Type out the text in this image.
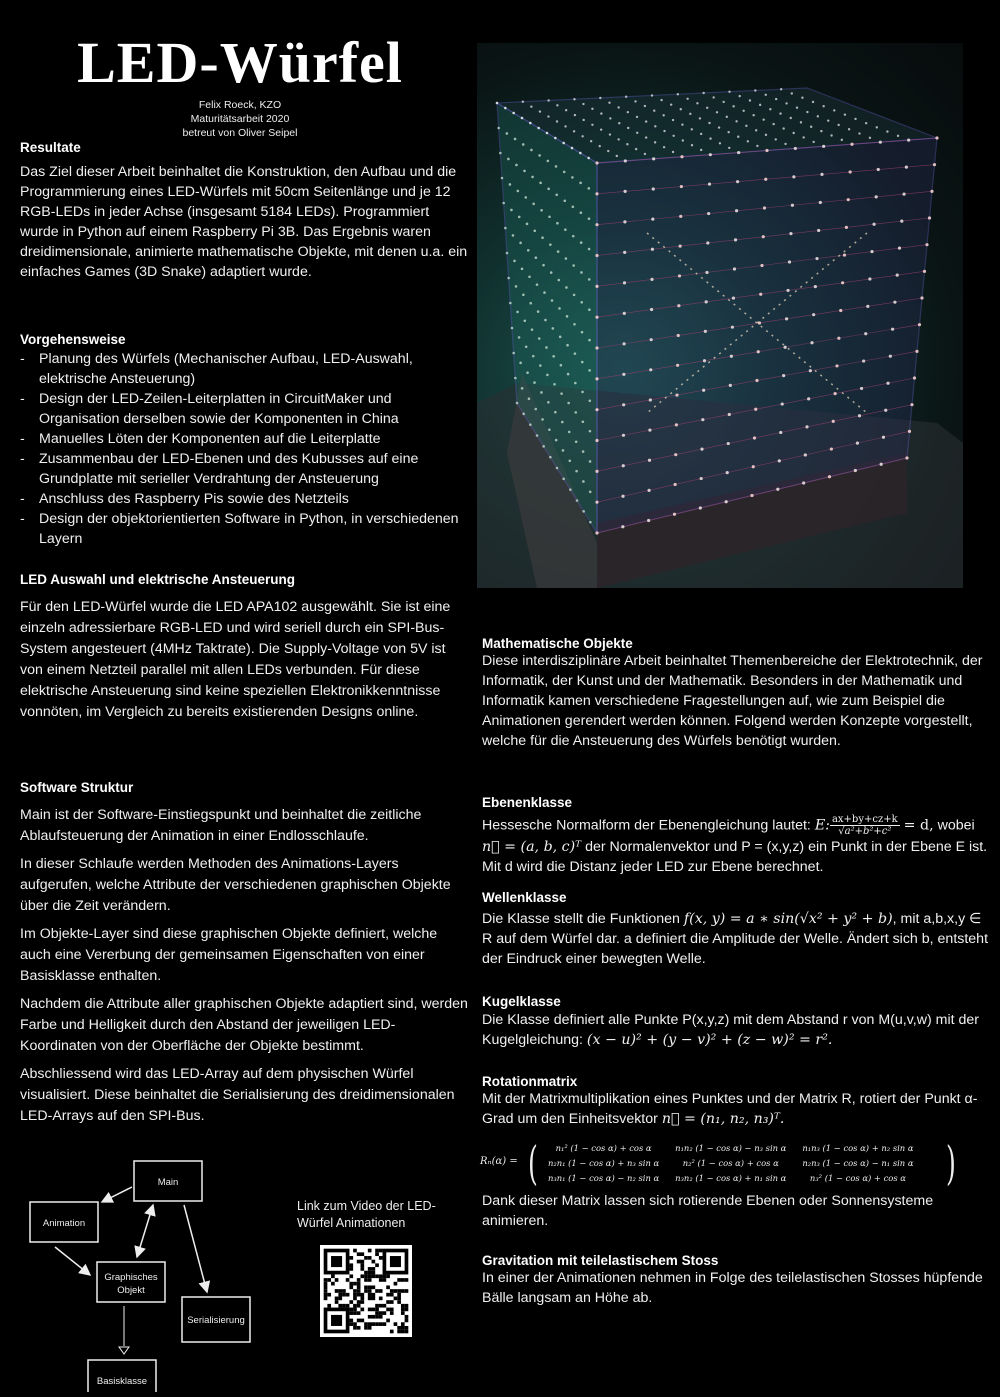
LED-Würfel
Felix Roeck, KZO
Maturitätsarbeit 2020
betreut von Oliver Seipel
Resultate
Das Ziel dieser Arbeit beinhaltet die Konstruktion, den Aufbau und die Programmierung eines LED-Würfels mit 50cm Seitenlänge und je 12 RGB-LEDs in jeder Achse (insgesamt 5184 LEDs). Programmiert wurde in Python auf einem Raspberry Pi 3B. Das Ergebnis waren dreidimensionale, animierte mathematische Objekte, mit denen u.a. ein einfaches Games (3D Snake) adaptiert wurde.
Vorgehensweise
- Planung des Würfels (Mechanischer Aufbau, LED-Auswahl, elektrische Ansteuerung)
- Design der LED-Zeilen-Leiterplatten in CircuitMaker und Organisation derselben sowie der Komponenten in China
- Manuelles Löten der Komponenten auf die Leiterplatte
- Zusammenbau der LED-Ebenen und des Kubusses auf eine Grundplatte mit serieller Verdrahtung der Ansteuerung
- Anschluss des Raspberry Pis sowie des Netzteils
- Design der objektorientierten Software in Python, in verschiedenen Layern
LED Auswahl und elektrische Ansteuerung
Für den LED-Würfel wurde die LED APA102 ausgewählt. Sie ist eine einzeln adressierbare RGB-LED und wird seriell durch ein SPI-Bus-System angesteuert (4MHz Taktrate). Die Supply-Voltage von 5V ist von einem Netzteil parallel mit allen LEDs verbunden. Für diese elektrische Ansteuerung sind keine speziellen Elektronikkenntnisse vonnöten, im Vergleich zu bereits existierenden Designs online.
Software Struktur

Main ist der Software-Einstiegspunkt und beinhaltet die zeitliche Ablaufsteuerung der Animation in einer Endlosschlaufe.

In dieser Schlaufe werden Methoden des Animations-Layers aufgerufen, welche Attribute der verschiedenen graphischen Objekte über die Zeit verändern.

Im Objekte-Layer sind diese graphischen Objekte definiert, welche auch eine Vererbung der gemeinsamen Eigenschaften von einer Basisklasse enthalten.

Nachdem die Attribute aller graphischen Objekte adaptiert sind, werden Farbe und Helligkeit durch den Abstand der jeweiligen LED-Koordinaten von der Oberfläche der Objekte bestimmt.

Abschliessend wird das LED-Array auf dem physischen Würfel visualisiert. Diese beinhaltet die Serialisierung des dreidimensionalen LED-Arrays auf den SPI-Bus.

Main
Animation
Graphisches
Objekt
Serialisierung
Basisklasse
Link zum Video der LED-Würfel Animationen
Mathematische Objekte
Diese interdisziplinäre Arbeit beinhaltet Themenbereiche der Elektrotechnik, der Informatik, der Kunst und der Mathematik. Besonders in der Mathematik und Informatik kamen verschiedene Fragestellungen auf, wie zum Beispiel die Animationen gerendert werden können. Folgend werden Konzepte vorgestellt, welche für die Ansteuerung des Würfels benötigt wurden.
Ebenenklasse
Hessesche Normalform der Ebenengleichung lautet: E: $\frac{ax+by+cz+k}{\text{√a²+b²+c²}} = d$, wobei n⃗ = (a, b, c)ᵀ der Normalenvektor und P = (x,y,z) ein Punkt in der Ebene E ist. Mit d wird die Distanz jeder LED zur Ebene berechnet.
Wellenklasse
Die Klasse stellt die Funktionen f(x, y) = a ∗ sin(√x² + y² + b), mit a,b,x,y ∈ R auf dem Würfel dar. a definiert die Amplitude der Welle. Ändert sich b, entsteht der Eindruck einer bewegten Welle.
Kugelklasse
Die Klasse definiert alle Punkte P(x,y,z) mit dem Abstand r von M(u,v,w) mit der Kugelgleichung: (x − u)² + (y − v)² + (z − w)² = r².
Rotationmatrix
Mit der Matrixmultiplikation eines Punktes und der Matrix R, rotiert der Punkt α-Grad um den Einheitsvektor n⃗ = (n₁, n₂, n₃)ᵀ.
Rₙ(α) = ( n₁² (1 − cos α) + cos α	n₁n₂ (1 − cos α) − n₃ sin α	n₁n₃ (1 − cos α) + n₂ sin α
n₂n₁ (1 − cos α) + n₃ sin α	n₂² (1 − cos α) + cos α	n₂n₃ (1 − cos α) − n₁ sin α
n₃n₁ (1 − cos α) − n₂ sin α	n₃n₂ (1 − cos α) + n₁ sin α	n₃² (1 − cos α) + cos α )
Dank dieser Matrix lassen sich rotierende Ebenen oder Sonnensysteme animieren.
Gravitation mit teilelastischem Stoss
In einer der Animationen nehmen in Folge des teilelastischen Stosses hüpfende Bälle langsam an Höhe ab.
